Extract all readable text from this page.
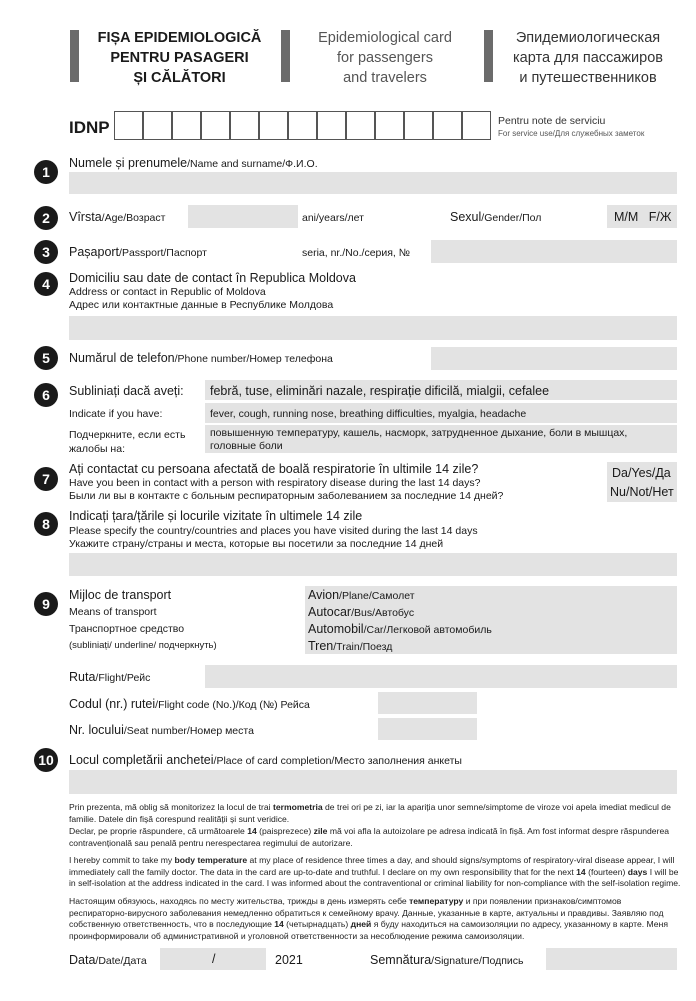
FIȘA EPIDEMIOLOGICĂ
PENTRU PASAGERI
ȘI CĂLĂTORI
Epidemiological card
for passengers
and travelers
Эпидемиологическая
карта для пассажиров
и путешественников
IDNP	Pentru note de serviciu
For service use/Для служебных заметок
1
Numele și prenumele/Name and surname/Ф.И.О.
2	Vîrsta/Age/Возраст	ani/years/лет	Sexul/Gender/Пол	M/M   F/Ж
3	Pașaport/Passport/Паспорт	seria, nr./No./серия, №
4	Domiciliu sau date de contact în Republica Moldova
Address or contact in Republic of Moldova
Адрес или контактные данные в Республике Молдова
5	Numărul de telefon/Phone number/Номер телефона
6	Subliniați dacă aveți: febră, tuse, eliminări nazale, respirație dificilă, mialgii, cefalee
Indicate if you have:	fever, cough, running nose, breathing difficulties, myalgia, headache
Подчеркните, если есть
жалобы на:
повышенную температуру, кашель, насморк, затрудненное дыхание, боли в мышцах,
головные боли
7
Ați contactat cu persoana afectată de boală respiratorie în ultimile 14 zile?
Have you been in contact with a person with respiratory disease during the last 14 days?
Были ли вы в контакте с больным респираторным заболеванием за последние 14 дней?
Da/Yes/Да
Nu/Not/Нет
8	Indicați țara/țările și locurile vizitate în ultimele 14 zile
Please specify the country/countries and places you have visited during the last 14 days
Укажите страну/страны и места, которые вы посетили за последние 14 дней
9
Mijloc de transport
Means of transport
Транспортное средство
(subliniați/ underline/ подчеркнуть)
Avion/Plane/Самолет
Autocar/Bus/Автобус
Automobil/Car/Легковой автомобиль
Tren/Train/Поезд
Ruta/Flight/Рейс
Codul (nr.) rutei/Flight code (No.)/Код (№) Рейса
Nr. locului/Seat number/Номер места
10	Locul completării anchetei/Place of card completion/Место заполнения анкеты

Prin prezenta, mă oblig să monitorizez la locul de trai termometria de trei ori pe zi, iar la apariția unor semne/simptome de viroze voi apela imediat medicul de familie. Datele din fișă corespund realității și sunt veridice.

Declar, pe proprie răspundere, că următoarele 14 (paisprezece) zile mă voi afla la autoizolare pe adresa indicată în fișă. Am fost informat despre răspunderea contravențională sau penală pentru nerespectarea regimului de autorizare.

I hereby commit to take my body temperature at my place of residence three times a day, and should signs/symptoms of respiratory-viral disease appear, I will immediately call the family doctor. The data in the card are up-to-date and truthful. I declare on my own responsibility that for the next 14 (fourteen) days I will be in self-isolation at the address indicated in the card. I was informed about the contraventional or criminal liability for non-compliance with the self-isolation regime.

Настоящим обязуюсь, находясь по месту жительства, трижды в день измерять себе температуру и при появлении признаков/симптомов респираторно-вирусного заболевания немедленно обратиться к семейному врачу. Данные, указанные в карте, актуальны и правдивы. Заявляю под собственную ответственность, что в последующие 14 (четырнадцать) дней я буду находиться на самоизоляции по адресу, указанному в карте. Меня проинформировали об административной и уголовной ответственности за несоблюдение режима самоизоляции.

Data/Date/Дата	/	2021	Semnătura/Signature/Подпись
